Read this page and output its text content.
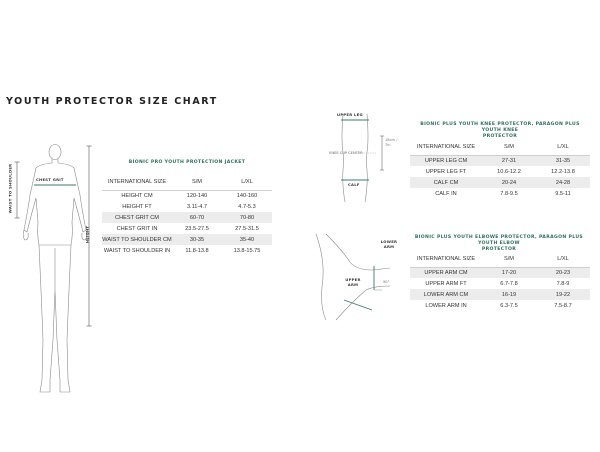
YOUTH PROTECTOR SIZE CHART
WAIST TO SHOULDER
HEIGHT
CHEST GRIT
BIONIC PRO YOUTH PROTECTION JACKET
INTERNATIONAL SIZE	S/M	L/XL
HEIGHT CM	120-140	140-160
HEIGHT FT	3.11-4.7	4.7-5.3
CHEST GRIT CM	60-70	70-80
CHEST GRIT IN	23.5-27.5	27.5-31.5
WAIST TO SHOULDER CM	30-35	35-40
WAIST TO SHOULDER IN	11.8-13.8	13.8-15.75
UPPER LEG
KNEE CUP CENTER
18cm / 7in
CALF
BIONIC PLUS YOUTH KNEE PROTECTOR, PARAGON PLUS YOUTH KNEE
PROTECTOR
INTERNATIONAL SIZE	S/M	L/XL
UPPER LEG CM	27-31	31-35
UPPER LEG FT	10.6-12.2	12.2-13.8
CALF CM	20-24	24-28
CALF IN	7.8-9.5	9.5-11
LOWER ARM
UPPER ARM	90°
BIONIC PLUS YOUTH ELBOWE PROTECTOR, PARAGON PLUS YOUTH ELBOW
PROTECTOR
INTERNATIONAL SIZE	S/M	L/XL
UPPER ARM CM	17-20	20-23
UPPER ARM FT	6.7-7.8	7.8-9
LOWER ARM CM	16-19	19-22
LOWER ARM IN	6.3-7.5	7.5-8.7
